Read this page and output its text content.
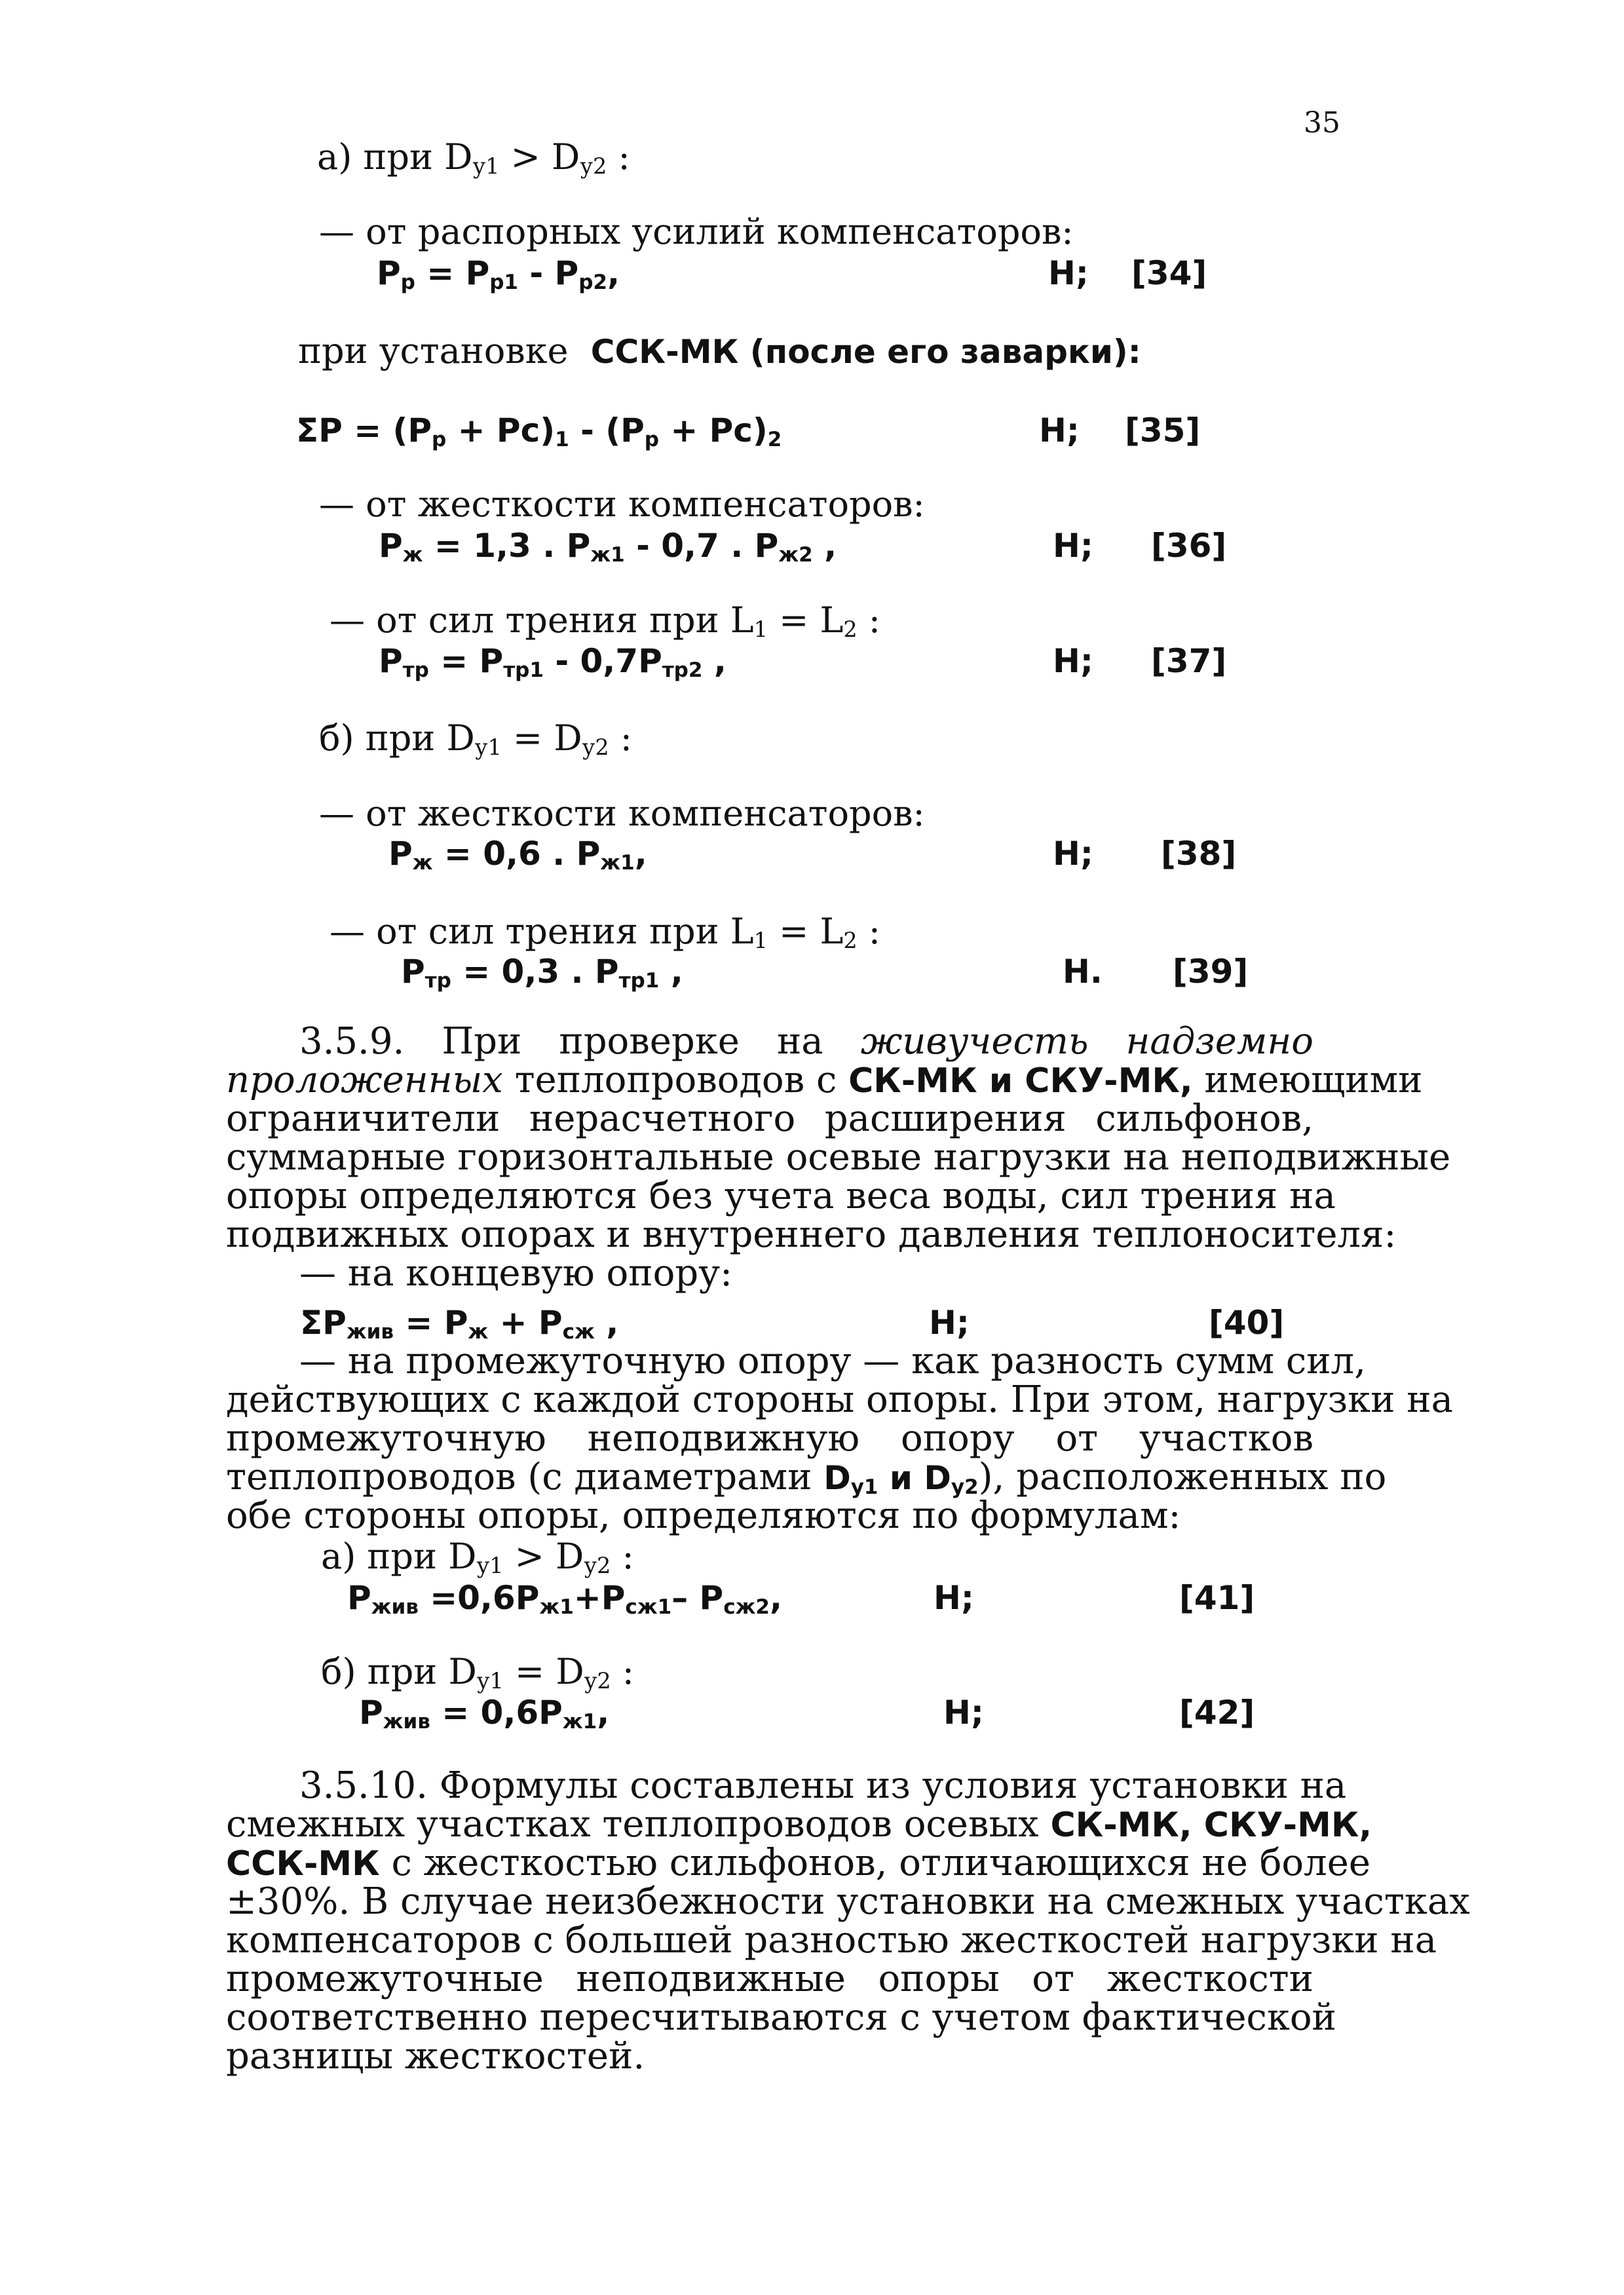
35
а) при Dу1 > Dу2 :
— от распорных усилий компенсаторов:
Pр = Pр1 - Pр2,	Н; [34]
при установке ССК-МК (после его заварки):
ΣP = (Pр + Pс)1 - (Pр + Pс)2	Н; [35]
— от жесткости компенсаторов:
Pж = 1,3 . Pж1 - 0,7 . Pж2 ,	Н; [36]
— от сил трения при L1 = L2 :
Pтр = Pтр1 - 0,7Pтр2 ,	Н; [37]
б) при Dу1 = Dу2 :
— от жесткости компенсаторов:
Pж = 0,6 . Pж1,	Н; [38]
— от сил трения при L1 = L2 :
Pтр = 0,3 . Pтр1 ,	Н. [39]
3.5.9. При проверке на живучесть надземно
проложенных теплопроводов с СК-МК и СКУ-МК, имеющими
ограничители нерасчетного расширения сильфонов,
суммарные горизонтальные осевые нагрузки на неподвижные
опоры определяются без учета веса воды, сил трения на
подвижных опорах и внутреннего давления теплоносителя:
— на концевую опору:
ΣPжив = Pж + Pсж ,	Н;	[40]
— на промежуточную опору — как разность сумм сил,
действующих с каждой стороны опоры. При этом, нагрузки на
промежуточную неподвижную опору от участков
теплопроводов (с диаметрами Dу1 и Dу2), расположенных по
обе стороны опоры, определяются по формулам:
а) при Dу1 > Dу2 :
Pжив =0,6Pж1+Pсж1– Pсж2,	Н;	[41]
б) при Dу1 = Dу2 :
Pжив = 0,6Pж1,	Н;	[42]
3.5.10. Формулы составлены из условия установки на
смежных участках теплопроводов осевых СК-МК, СКУ-МК,
ССК-МК с жесткостью сильфонов, отличающихся не более
±30%. В случае неизбежности установки на смежных участках
компенсаторов с большей разностью жесткостей нагрузки на
промежуточные неподвижные опоры от жесткости
соответственно пересчитываются с учетом фактической
разницы жесткостей.
